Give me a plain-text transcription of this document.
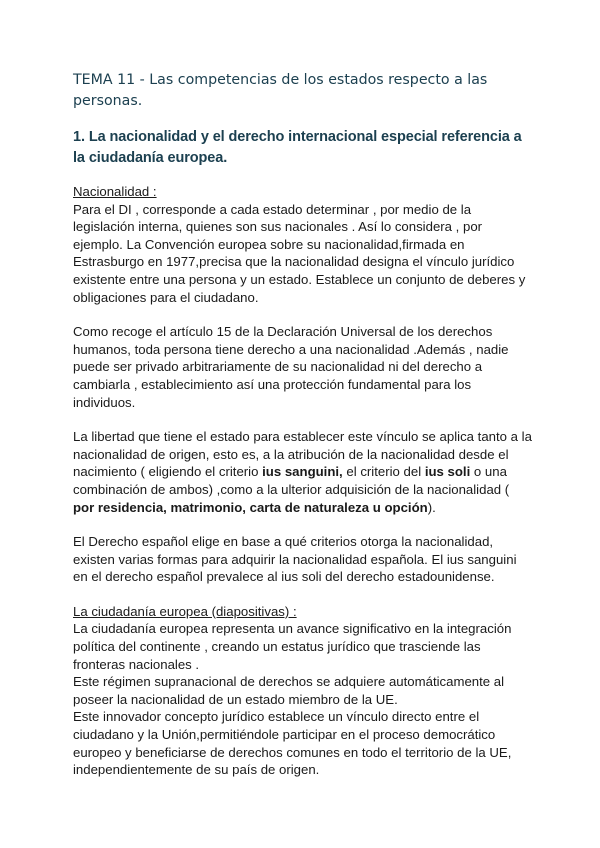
TEMA 11 - Las competencias de los estados respecto a las personas.
1. La nacionalidad y el derecho internacional especial referencia a la ciudadanía europea.
Nacionalidad :

Para el DI , corresponde a cada estado determinar , por medio de la legislación interna, quienes son sus nacionales . Así lo considera , por ejemplo. La Convención europea sobre su nacionalidad,firmada en Estrasburgo en 1977,precisa que la nacionalidad designa el vínculo jurídico existente entre una persona y un estado. Establece un conjunto de deberes y obligaciones para el ciudadano.

Como recoge el artículo 15 de la Declaración Universal de los derechos humanos, toda persona tiene derecho a una nacionalidad .Además , nadie puede ser privado arbitrariamente de su nacionalidad ni del derecho a cambiarla , establecimiento así una protección fundamental para los individuos.

La libertad que tiene el estado para establecer este vínculo se aplica tanto a la nacionalidad de origen, esto es, a la atribución de la nacionalidad desde el nacimiento ( eligiendo el criterio ius sanguini, el criterio del ius soli o una combinación de ambos) ,como a la ulterior adquisición de la nacionalidad ( por residencia, matrimonio, carta de naturaleza u opción).

El Derecho español elige en base a qué criterios otorga la nacionalidad, existen varias formas para adquirir la nacionalidad española. El ius sanguini en el derecho español prevalece al ius soli del derecho estadounidense.

La ciudadanía europea (diapositivas) :
La ciudadanía europea representa un avance significativo en la integración política del continente , creando un estatus jurídico que trasciende las fronteras nacionales .
Este régimen supranacional de derechos se adquiere automáticamente al poseer la nacionalidad de un estado miembro de la UE.
Este innovador concepto jurídico establece un vínculo directo entre el ciudadano y la Unión,permitiéndole participar en el proceso democrático europeo y beneficiarse de derechos comunes en todo el territorio de la UE, independientemente de su país de origen.
